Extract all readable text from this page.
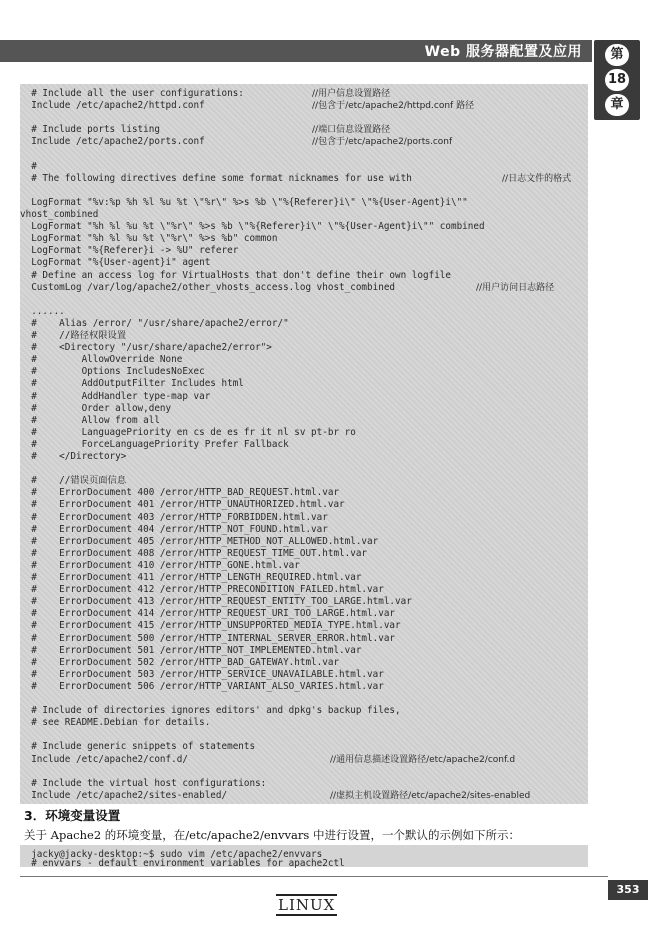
Web 服务器配置及应用	第
18
章
# Include all the user configurations:	//用户信息设置路径
Include /etc/apache2/httpd.conf	//包含于/etc/apache2/httpd.conf 路径
# Include ports listing	//端口信息设置路径
Include /etc/apache2/ports.conf	//包含于/etc/apache2/ports.conf
#
# The following directives define some format nicknames for use with	//日志文件的格式
LogFormat "%v:%p %h %l %u %t \"%r\" %>s %b \"%{Referer}i\" \"%{User-Agent}i\""
vhost_combined
LogFormat "%h %l %u %t \"%r\" %>s %b \"%{Referer}i\" \"%{User-Agent}i\"" combined
LogFormat "%h %l %u %t \"%r\" %>s %b" common
LogFormat "%{Referer}i -> %U" referer
LogFormat "%{User-agent}i" agent
# Define an access log for VirtualHosts that don't define their own logfile
CustomLog /var/log/apache2/other_vhosts_access.log vhost_combined	//用户访问日志路径
......
#    Alias /error/ "/usr/share/apache2/error/"
#    //路径权限设置
#    <Directory "/usr/share/apache2/error">
#        AllowOverride None
#        Options IncludesNoExec
#        AddOutputFilter Includes html
#        AddHandler type-map var
#        Order allow,deny
#        Allow from all
#        LanguagePriority en cs de es fr it nl sv pt-br ro
#        ForceLanguagePriority Prefer Fallback
#    </Directory>
#    //错误页面信息
#    ErrorDocument 400 /error/HTTP_BAD_REQUEST.html.var
#    ErrorDocument 401 /error/HTTP_UNAUTHORIZED.html.var
#    ErrorDocument 403 /error/HTTP_FORBIDDEN.html.var
#    ErrorDocument 404 /error/HTTP_NOT_FOUND.html.var
#    ErrorDocument 405 /error/HTTP_METHOD_NOT_ALLOWED.html.var
#    ErrorDocument 408 /error/HTTP_REQUEST_TIME_OUT.html.var
#    ErrorDocument 410 /error/HTTP_GONE.html.var
#    ErrorDocument 411 /error/HTTP_LENGTH_REQUIRED.html.var
#    ErrorDocument 412 /error/HTTP_PRECONDITION_FAILED.html.var
#    ErrorDocument 413 /error/HTTP_REQUEST_ENTITY_TOO_LARGE.html.var
#    ErrorDocument 414 /error/HTTP_REQUEST_URI_TOO_LARGE.html.var
#    ErrorDocument 415 /error/HTTP_UNSUPPORTED_MEDIA_TYPE.html.var
#    ErrorDocument 500 /error/HTTP_INTERNAL_SERVER_ERROR.html.var
#    ErrorDocument 501 /error/HTTP_NOT_IMPLEMENTED.html.var
#    ErrorDocument 502 /error/HTTP_BAD_GATEWAY.html.var
#    ErrorDocument 503 /error/HTTP_SERVICE_UNAVAILABLE.html.var
#    ErrorDocument 506 /error/HTTP_VARIANT_ALSO_VARIES.html.var
# Include of directories ignores editors' and dpkg's backup files,
# see README.Debian for details.
# Include generic snippets of statements
Include /etc/apache2/conf.d/	//通用信息描述设置路径/etc/apache2/conf.d
# Include the virtual host configurations:
Include /etc/apache2/sites-enabled/	//虚拟主机设置路径/etc/apache2/sites-enabled
3．环境变量设置
关于 Apache2 的环境变量，在/etc/apache2/envvars 中进行设置，一个默认的示例如下所示：
jacky@jacky-desktop:~$ sudo vim /etc/apache2/envvars
# envvars - default environment variables for apache2ctl
LINUX
353
